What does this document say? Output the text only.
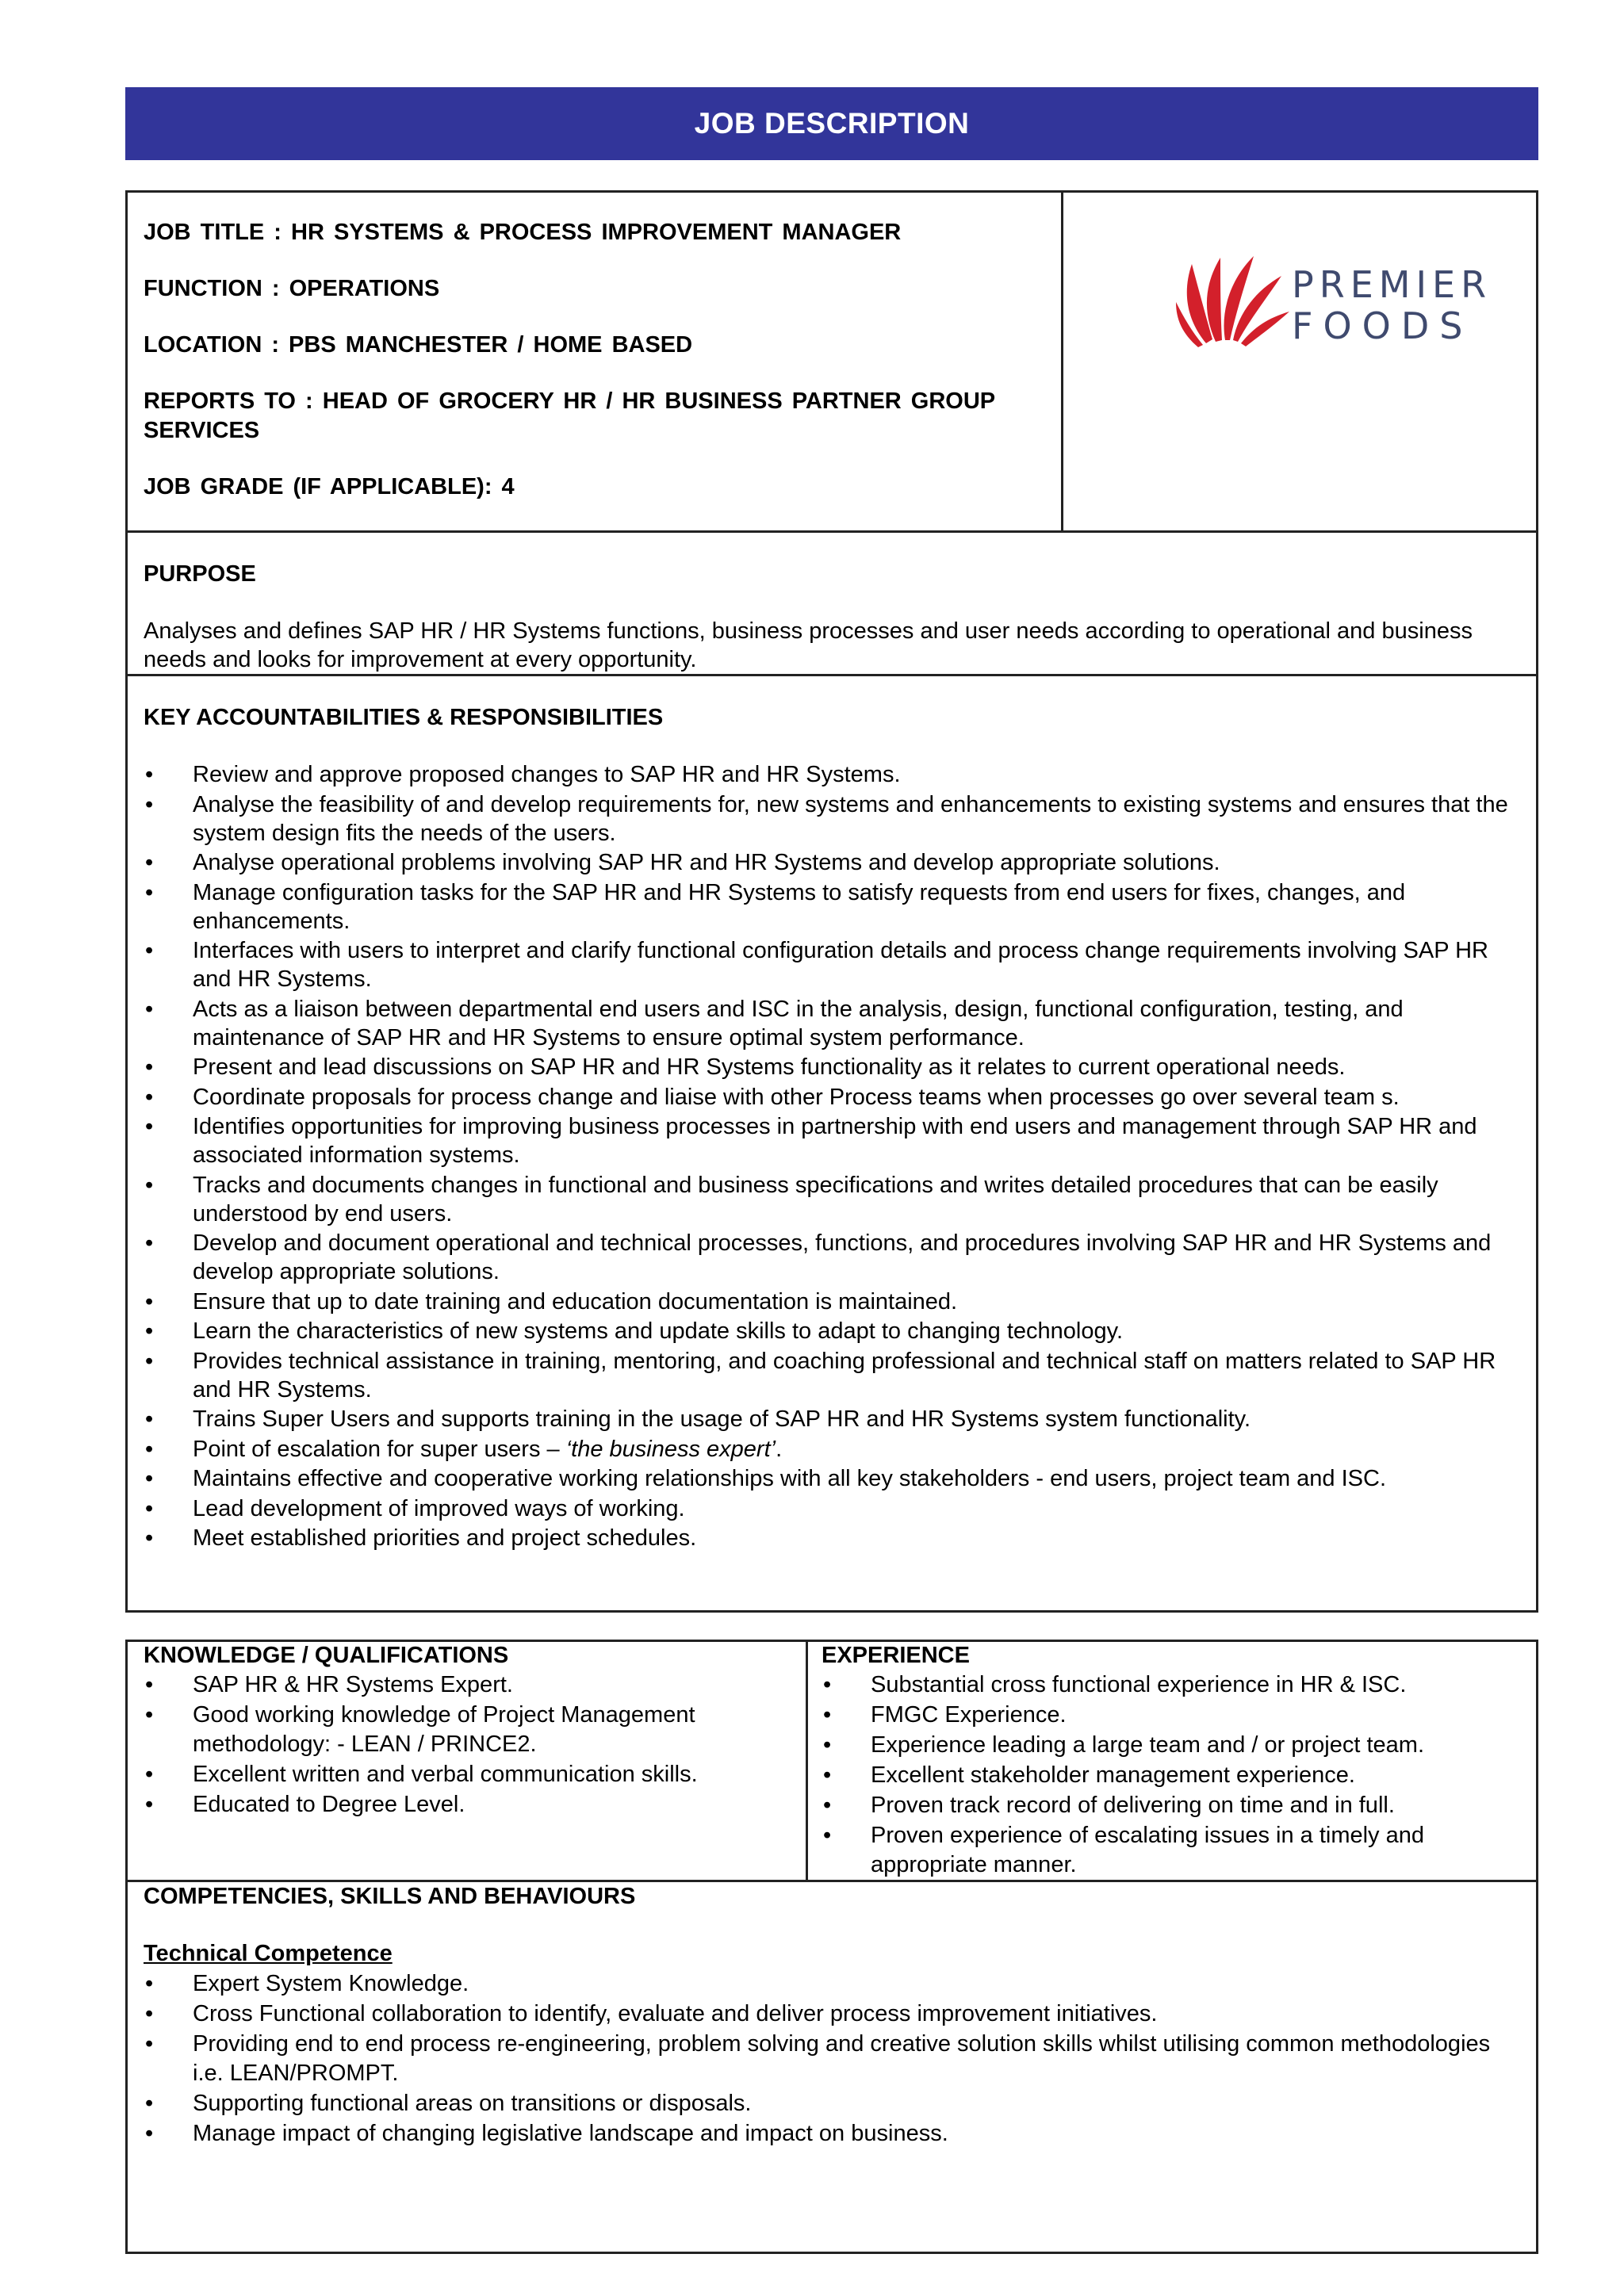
JOB DESCRIPTION
JOB TITLE : HR SYSTEMS & PROCESS IMPROVEMENT MANAGER
FUNCTION : OPERATIONS
LOCATION : PBS MANCHESTER / HOME BASED
REPORTS TO : HEAD OF GROCERY HR / HR BUSINESS PARTNER GROUP SERVICES
JOB GRADE (IF APPLICABLE): 4
PREMIER
FOODS
PURPOSE
Analyses and defines SAP HR / HR Systems functions, business processes and user needs according to operational and business needs and looks for improvement at every opportunity.
KEY ACCOUNTABILITIES & RESPONSIBILITIES
• Review and approve proposed changes to SAP HR and HR Systems.
• Analyse the feasibility of and develop requirements for, new systems and enhancements to existing systems and ensures that the system design fits the needs of the users.
• Analyse operational problems involving SAP HR and HR Systems and develop appropriate solutions.
• Manage configuration tasks for the SAP HR and HR Systems to satisfy requests from end users for fixes, changes, and enhancements.
• Interfaces with users to interpret and clarify functional configuration details and process change requirements involving SAP HR and HR Systems.
• Acts as a liaison between departmental end users and ISC in the analysis, design, functional configuration, testing, and maintenance of SAP HR and HR Systems to ensure optimal system performance.
• Present and lead discussions on SAP HR and HR Systems functionality as it relates to current operational needs.
• Coordinate proposals for process change and liaise with other Process teams when processes go over several team s.
• Identifies opportunities for improving business processes in partnership with end users and management through SAP HR and associated information systems.
• Tracks and documents changes in functional and business specifications and writes detailed procedures that can be easily understood by end users.
• Develop and document operational and technical processes, functions, and procedures involving SAP HR and HR Systems and develop appropriate solutions.
• Ensure that up to date training and education documentation is maintained.
• Learn the characteristics of new systems and update skills to adapt to changing technology.
• Provides technical assistance in training, mentoring, and coaching professional and technical staff on matters related to SAP HR and HR Systems.
• Trains Super Users and supports training in the usage of SAP HR and HR Systems system functionality.
• Point of escalation for super users – ‘the business expert’.
• Maintains effective and cooperative working relationships with all key stakeholders - end users, project team and ISC.
• Lead development of improved ways of working.
• Meet established priorities and project schedules.
KNOWLEDGE / QUALIFICATIONS
• SAP HR & HR Systems Expert.
• Good working knowledge of Project Management methodology: - LEAN / PRINCE2.
• Excellent written and verbal communication skills.
• Educated to Degree Level.
EXPERIENCE
• Substantial cross functional experience in HR & ISC.
• FMGC Experience.
• Experience leading a large team and / or project team.
• Excellent stakeholder management experience.
• Proven track record of delivering on time and in full.
• Proven experience of escalating issues in a timely and appropriate manner.
COMPETENCIES, SKILLS AND BEHAVIOURS
Technical Competence
• Expert System Knowledge.
• Cross Functional collaboration to identify, evaluate and deliver process improvement initiatives.
• Providing end to end process re-engineering, problem solving and creative solution skills whilst utilising common methodologies i.e. LEAN/PROMPT.
• Supporting functional areas on transitions or disposals.
• Manage impact of changing legislative landscape and impact on business.
